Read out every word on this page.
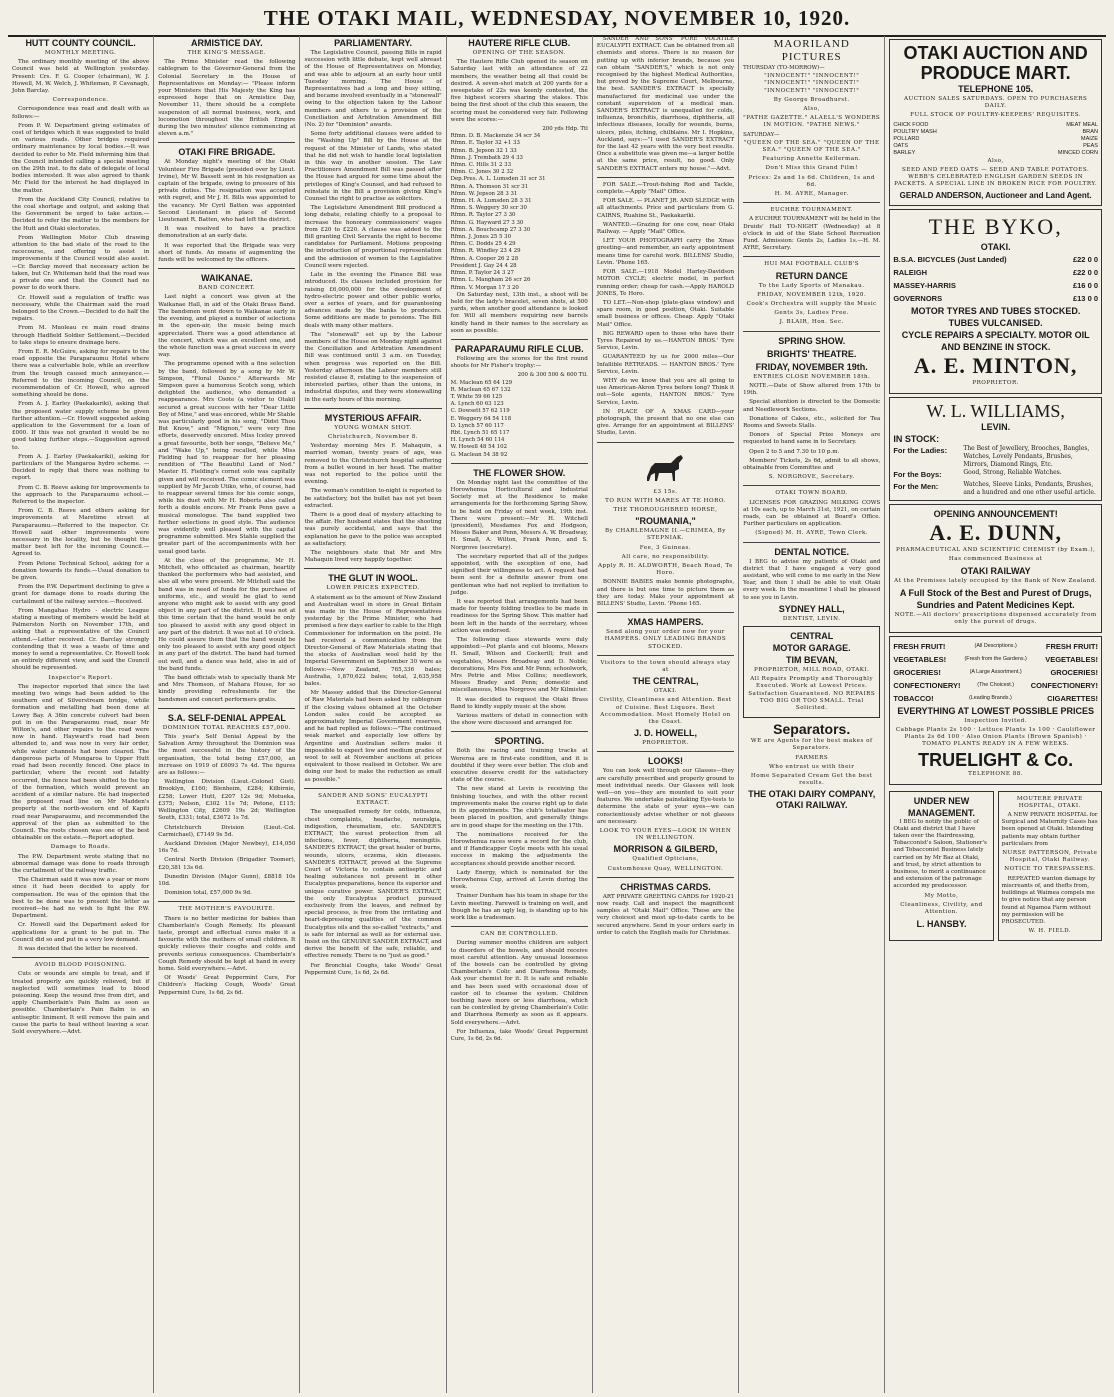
THE OTAKI MAIL, WEDNESDAY, NOVEMBER 10, 1920.
HUTT COUNTY COUNCIL.
MONTHLY MEETING.

The ordinary monthly meeting of the above Council was held at Wellington yesterday. Present: Crs. F. G. Cooper (chairman), W. J. Howell, M. W. Welch, J. Whiteman, P. Cavanagh, John Barclay.

Correspondence.

Correspondence was read and dealt with as follows:—

From P. W. Department giving estimates of cost of bridges which it was suggested to build on various roads. Other bridges required ordinary maintenance by local bodies.—It was decided to refer to Mr. Field informing him that the Council intended calling a special meeting on the 29th inst. to fix date of delegate of local bodies interested. It was also agreed to thank Mr. Field for the interest he had displayed in the matter.

From the Auckland City Council, relative to the coal shortage and output, and asking that the Government be urged to take action.—Decided to refer the matter to the members for the Hutt and Otaki electorates.

From Wellington Motor Club drawing attention to the bad state of the road to the racecourse, and offering to assist in improvements if the Council would also assist.—Cr. Barclay moved that necessary action be taken, but Cr. Whiteman held that the road was a private one and that the Council had no power to do work there.

Cr. Howell said a regulation of traffic was necessary, while the Chairman said the road belonged to the Crown.—Decided to do half the repairs.

From M. Muoleau re main road drains through Hadfield Soldier Settlement.—Decided to take steps to ensure drainage here.

From E. R. McGuire, asking for repairs to the road opposite the Paraparaumu Hotel where there was a culvertable hole, while an overflow from the trough caused much annoyance.—Referred to the incoming Council, on the recommendation of Cr. Howell, who agreed something should be done.

From A. J. Earley (Paekakariki), asking that the proposed water supply scheme be given further attention.—Cr. Howell suggested asking application to the Government for a loan of £000. If this was not granted it would be no good taking further steps.—Suggestion agreed to.

From A. J. Earley (Paekakariki), asking for particulars of the Mangaroa hydro scheme. — Decided to reply that there was nothing to report.

From C. B. Reeve asking for improvements to the approach to the Paraparaumu school.—Referred to the inspector.

From C. B. Reeve and others asking for improvements at Maretime street at Paraparaumu.—Referred to the inspector. Cr. Howell said other improvements were necessary in the locality, but he thought the matter best left for the incoming Council.—Agreed to.

From Petone Technical School, asking for a donation towards its funds.—Usual donation to be given.

From the P.W. Department declining to give a grant for damage done to roads during the curtailment of the railway service.—Received.

From Mangahao Hydro - electric League stating a meeting of members would be held at Palmerston North on November 17th, and asking that a representative of the Council attend.—Letter received. Cr. Barclay strongly contending that it was a waste of time and money to send a representative. Cr. Howell took an entirely different view, and said the Council should be represented.

Inspector's Report.

The inspector reported that since the last meeting two wings had been added to the southern end of Silverstream bridge, while formation and metalling had been done at Lowry Bay. A 36in concrete culvert had been put in on the Paraparaumu road, near Mr Wilton's, and other repairs to the road were now in hand. Hayward's road had been attended to, and was now in very fair order, while water channels had been cleared. The dangerous parts of Mungaroa to Upper Hutt road had been recently fenced. One place in particular, where the recent sod fatality occurred, the fence had been shifted to the top of the formation, which would prevent an accident of a similar nature. He had inspected the proposed road line on Mr Madden's property at the north-western end of Kapiti road near Paraparaumu, and recommended the approval of the plan as submitted to the Council. The roots chosen was one of the best obtainable on the estate.—Report adopted.

Damage to Roads.

The P.W. Department wrote stating that no abnormal damage was done to roads through the curtailment of the railway traffic.

The Chairman said it was now a year or more since it had been decided to apply for compensation. He was of the opinion that the best to be done was to present the letter as received—he had no wish to fight the P.W. Department.

Cr. Howell said the Department asked for applications for a grant to be put in. The Council did so and put in a very low demand.

It was decided that the letter be received.

AVOID BLOOD POISONING.

Cuts or wounds are simple to treat, and if treated properly are quickly relieved, but if neglected will sometimes lead to blood poisoning. Keep the wound free from dirt, and apply Chamberlain's Pain Balm as soon as possible. Chamberlain's Pain Balm is an antiseptic liniment. It will remove the pain and cause the parts to heal without leaving a scar. Sold everywhere.—Advt.

ARMISTICE DAY.
THE KING'S MESSAGE.

The Prime Minister read the following cablegram to the Governor-General from the Colonial Secretary in the House of Representatives on Monday:— "Please inform your Ministers that His Majesty the King has expressed hope that on Armistice Day, November 11, there should be a complete suspension of all normal business, work, and locomotion throughout the British Empire during the two minutes' silence commencing at eleven a.m."

OTAKI FIRE BRIGADE.

At Monday night's meeting of the Otaki Volunteer Fire Brigade (presided over by Lieut. Irvine), Mr W. Bassett sent in his resignation as captain of the brigade, owing to pressure of his private duties. The resignation was accepted with regret, and Mr J. H. Bills was appointed to the vacancy. Mr Cyril Batten was appointed Second Lieutenant in place of Second Lieutenant R. Batten, who had left the district.

It was resolved to have a practice demonstration at an early date.

It was reported that the Brigade was very short of funds. An means of augmenting the funds will be welcomed by the officers.

WAIKANAE.
BAND CONCERT.

Last night a concert was given at the Waikanae Hall, in aid of the Otaki Brass Band. The bandsmen went down to Waikanae early in the evening, and played a number of selections in the open-air, the music being much appreciated. There was a good attendance at the concert, which was an excellent one, and the whole function was a great success in every way.

The programme opened with a fine selection by the band, followed by a song by Mr W. Simpson, "Floral Dance." Afterwards Mr Simpson gave a humorous Scotch song, which delighted the audience, who demanded a reappearance. Mrs Coote (a visitor to Otaki) secured a great success with her "Dear Little Boy of Mine," and was encored, while Mr Stahle was particularly good in his song, "Didst Thou But Know," and "Mignon," were very fine efforts, deservedly encored. Miss Iceley proved a great favourite, both her songs, "Believe Me," and "Wake Up," being recalled, while Miss Fielding had to reappear for her pleasing rendition of "The Beautiful Land of Nod." Master H. Fielding's cornet solo was capitally given and will received. The comic element was supplied by Mr Jacob Utiko, who, of course, had to reappear several times for his comic songs, while his duet with Mr H. Roberts also called forth a double encore. Mr Frank Penn gave a musical monologue. The band supplied two further selections in good style. The audience was evidently well pleased with the capital programme submitted. Mrs Stahle supplied the greater part of the accompaniments with her usual good taste.

At the close of the programme, Mr H. Mitchell, who officiated as chairman, heartily thanked the performers who had assisted, and also all who were present. Mr Mitchell said the band was in need of funds for the purchase of uniforms, etc., and would be glad to send anyone who might ask to assist with any good object in any part of the district. It was not at this time certain that the band would be only too pleased to assist with any good object in any part of the district. It was not at 10 o'clock. He could assure them that the band would be only too pleased to assist with any good object in any part of the district. The band had turned out well, and a dance was held, also in aid of the band funds.

The band officials wish to specially thank Mr and Mrs Thomson, of Mahara House, for so kindly providing refreshments for the bandsmen and concert performers gratis.

S.A. SELF-DENIAL APPEAL
DOMINION TOTAL REACHES £57,000.

This year's Self Denial Appeal by the Salvation Army throughout the Dominion was the most successful in the history of the organisation, the total being £57,000, an increase on 1919 of £6093 7s 4d. The figures are as follows:—

Wellington Division (Lieut.-Colonel Gist). Brooklyn, £160; Blenheim, £284; Kilbirnie, £258; Lower Hutt, £207 12s 9d; Motueka, £375; Nelson, £302 11s 7d; Petone, £115; Wellington City, £2609 19s 2d; Wellington South, £331; total, £3672 1s 7d.

Christchurch Division (Lieut.-Col. Carmichael), £7149 9s 5d.

Auckland Division (Major Newbey), £14,050 16s 7d.

Central North Division (Brigadier Toomer), £20,381 13s 6d.

Dunedin Division (Major Gunn), £8818 10s 10d.

Dominion total, £57,000 9s 9d.

THE MOTHER'S FAVOURITE.

There is no better medicine for babies than Chamberlain's Cough Remedy. Its pleasant taste, prompt and effectual cures make it a favourite with the mothers of small children. It quickly relieves their coughs and colds and prevents serious consequences. Chamberlain's Cough Remedy should be kept at hand in every home. Sold everywhere.—Advt.

Of Woods' Great Peppermint Cure, For Children's Hacking Cough, Woods' Great Peppermint Cure, 1s 6d, 2s 6d.

PARLIAMENTARY.

The Legislative Council, passing Bills in rapid succession with little debate, kept well abreast of the House of Representatives on Monday, and was able to adjourn at an early hour until Tuesday morning. The House of Representatives had a long and busy sitting, and became involved eventually in a "stonewall" owing to the objection taken by the Labour members and others to a provision of the Conciliation and Arbitration Amendment Bill (No. 2) for "Dominion" awards.

Some forty additional clauses were added to the "Washing Up" Bill by the House at the request of the Minister of Lands, who stated that he did not wish to handle local legislation in this way in another session. The Law Practitioners Amendment Bill was passed after the House had argued for some time about the privileges of King's Counsel, and had refused to reinstate in the Bill a provision giving King's Counsel the right to practise as solicitors.

The Legislature Amendment Bill produced a long debate, relating chiefly to a proposal to increase the honorary commissioners' wages from £20 to £220. A clause was added to the Bill granting Civil Servants the right to become candidates for Parliament. Motions proposing the introduction of proportional representation and the admission of women to the Legislative Council were rejected.

Late in the evening the Finance Bill was introduced. Its clauses included provision for raising £6,000,000 for the development of hydro-electric power and other public works, over a series of years, and for guaranteeing advances made by the banks to producers. Some additions are made to pensions. The Bill deals with many other matters.

The "stonewall" set up by the Labour members of the House on Monday night against the Conciliation and Arbitration Amendment Bill was continued until 3 a.m. on Tuesday, when progress was reported on the Bill. Yesterday afternoon the Labour members still resisted clause 8, relating to the suspension of interested parties, other than the unions, in industrial disputes, and they were stonewalling in the early hours of this morning.

MYSTERIOUS AFFAIR.
YOUNG WOMAN SHOT.
Christchurch, November 8.

Yesterday morning Mrs F. Mahaquin, a married woman, twenty years of age, was removed to the Christchurch hospital suffering from a bullet wound in her head. The matter was not reported to the police until the evening.

The woman's condition to-night is reported to be satisfactory, but the bullet has not yet been extracted.

There is a good deal of mystery attaching to the affair. Her husband states that the shooting was purely accidental, and says that the explanation he gave to the police was accepted as satisfactory.

The neighbours state that Mr and Mrs Mahaquin lived very happily together.

THE GLUT IN WOOL.
LOWER PRICES EXPECTED.

A statement as to the amount of New Zealand and Australian wool in store in Great Britain was made in the House of Representatives yesterday by the Prime Minister, who had promised a few days earlier to cable to the High Commissioner for information on the point. He had received a communication from the Director-General of Raw Materials stating that the stocks of Australian wool held by the Imperial Government on September 30 were as follows:—New Zealand, 765,336 bales; Australia, 1,870,622 bales; total, 2,635,958 bales.

Mr Massey added that the Director-General of Raw Materials had been asked by cablegram if the closing values obtained at the October London sales could be accepted as approximately Imperial Government reserves, and he had replied as follows:—"The continued weak market and especially low offers by Argentine and Australian sellers make it impossible to expect low and medium grades of wool to sell at November auctions at prices equivalent to those realised in October. We are doing our best to make the reduction as small as possible."

SANDER AND SONS' EUCALYPTI EXTRACT.

The unequalled remedy for colds, influenza, chest complaints, headache, neuralgia, indigestion, rheumatism, etc. SANDER'S EXTRACT, the surest protection from all infections, fever, diphtheria, meningitis. SANDER'S EXTRACT, the great healer of burns, wounds, ulcers, eczema, skin diseases. SANDER'S EXTRACT, proved at the Supreme Court of Victoria to contain antiseptic and healing substances not present in other Eucalyptus preparations, hence its superior and unique curative power. SANDER'S EXTRACT, the only Eucalyptus product pursued exclusively from the leaves, and refined by special process, is free from the irritating and heart-depressing qualities of the common Eucalyptus oils and the so-called "extracts," and is safe for internal as well as for external use. Insist on the GENUINE SANDER EXTRACT, and derive the benefit of the safe, reliable, and effective remedy. There is no "just as good."

For Bronchial Coughs, take Woods' Great Peppermint Cure, 1s 6d, 2s 6d.

HAUTERE RIFLE CLUB.
OPENING OF THE SEASON.

The Hautere Rifle Club opened its season on Saturday last with an attendance of 22 members, the weather being all that could be desired. A seven-shot match at 200 yards for a sweepstake of 22s was keenly contested, the five highest scorers sharing the stakes. This being the first shoot of the club this season, the scoring must be considered very fair. Following were the scores:—

200 yds Hdp. Ttl
Rfmn. D. B. Mackenzie 34 scr 34
Rfmn. E. Taylor 32 +1 33
Rfmn. B. Jepson 32 1 33
Rfmn. J. Trembath 29 4 33
Rfmn. C. Hills 31 2 33
Rfmn. C. Jones 30 2 32
Dep.Pres. A. L. Lumsden 31 scr 31
Rfmn. A. Thomson 31 scr 31
Rfmn. W. Jepson 28 3 31
Rfmn. H. A. Lumsden 28 3 31
Rfmn. S. Weggery 30 scr 30
Rfmn. R. Taylor 27 3 30
Rfmn. G. Hayward 27 3 30
Rfmn. A. Bouchcamp 27 3 30
Rfmn. J. Jones 25 5 30
Rfmn. C. Dodds 25 4 29
Rfmn. R. Windley 23 4 29
Rfmn. A. Cooper 26 2 28
President J. Gay 24 4 28
Rfmn. P. Taylor 24 3 27
Rfmn. L. Mangham 26 scr 26
Rfmn. V. Morgan 17 3 20

On Saturday next, 13th inst., a shoot will be held for the lady's bracelet, seven shots, at 500 yards, when another good attendance is looked for. Will all members requiring new barrels kindly hand in their names to the secretary as soon as possible.

PARAPARAUMU RIFLE CLUB.

Following are the scores for the first round shoots for Mr Fisher's trophy:—

200 & 300 500 & 600 Ttl.
M. Maclean 65 64 129
R. Maclean 65 67 132
T. White 59 66 125
A. Lynch 60 63 123
C. Dowsett 57 62 119
E. Weggery 64 54 118
D. Lynch 57 60 117
Rbt. Lynch 51 65 117
H. Lynch 54 60 114
W. Howell 48 54 102
G. Maclean 54 38 92
THE FLOWER SHOW.

On Monday night last the committee of the Horowhenua Horticultural and Industrial Society met at the Residence to make arrangements for the forthcoming Spring Show, to be held on Friday of next week, 19th inst. There were present:—Mr H. Witchell (president), Mesdames Fox and Hodgson, Misses Baker and Penn, Messrs A. W. Broadway, H. Small, A. Wilton, Frank Penn, and S. Norgrove (secretary).

The secretary reported that all of the judges appointed, with the exception of one, had signified their willingness to act. A request had been sent for a definite answer from one gentleman who had not replied to invitation to judge.

It was reported that arrangements had been made for twenty folding trestles to be made in readiness for the Spring Show. This matter had been left in the hands of the secretary, whose action was endorsed.

The following class stewards were duly appointed:—Pot plants and cut blooms, Messrs H. Small, Wilson and Cockerill; fruit and vegetables, Messrs Broadway and D. Noble; decorations, Mrs Fox and Mr Penn; schoolwork, Mrs Petrie and Miss Collins; needlework, Misses Bradey and Penn; domestic and miscellaneous, Miss Norgrove and Mr Kilmister.

It was decided to request the Otaki Brass Band to kindly supply music at the show.

Various matters of detail in connection with the show were discussed and arranged for.

SPORTING.

Both the racing and training tracks at Wereroa are in first-rate condition, and it is doubtful if they were ever better. The club and executive deserve credit for the satisfactory state of the course.

The new stand at Levin is receiving the finishing touches, and with the other recent improvements make the course right up to date in its appointments. The club's totalisator has been placed in position, and generally things are in good shape for the meeting on the 17th.

The nominations received for the Horowhenua races were a record for the club, and if Handicapper Coyle meets with his usual success in making the adjustments the acceptances should provide another record.

Lady Energy, which is nominated for the Horowhenua Cup, arrived at Levin during the week.

Trainer Dunham has his team in shape for the Levin meeting. Farewell is training on well, and though he has an ugly leg, is standing up to his work like a tradesman.

CAN BE CONTROLLED.

During summer months children are subject to disorders of the bowels, and should receive most careful attention. Any unusual looseness of the bowels can be controlled by giving Chamberlain's Colic and Diarrhoea Remedy. Ask your chemist for it. It is safe and reliable and has been used with occasional dose of castor oil to cleanse the system. Children teething have more or less diarrhoea, which can be controlled by giving Chamberlain's Colic and Diarrhoea Remedy as soon as it appears. Sold everywhere.—Advt.

For Influenza, take Woods' Great Peppermint Cure, 1s 6d, 2s 6d.

SANDER AND SONS' PURE VOLATILE EUCALYPTI EXTRACT. Can be obtained from all chemists and stores. There is no reason for putting up with inferior brands, because you can obtain "SANDER'S," which is not only recognised by the highest Medical Authorities, but proved by the Supreme Court, Melbourne, the best. SANDER'S EXTRACT is specially manufactured for medicinal use under the constant supervision of a medical man. SANDER'S EXTRACT is unequalled for colds, influenza, bronchitis, diarrhoea, diphtheria, all infectious diseases, locally for wounds, burns, ulcers, piles, itching, chilblains. Mr I. Hopkins, Auckland, says:—"I used SANDER'S EXTRACT for the last 42 years with the very best results. Once a substitute was given me—a larger bottle at the same price, result, no good. Only SANDER'S EXTRACT enters my house."—Advt.

FOR SALE.—Trout-fishing Rod and Tackle, complete.—Apply "Mail" Office.

FOR SALE. — PLANET JR. AND SLEDGE with all attachments. Price and particulars from G. CAIRNS, Ruahine St., Paekakariki.

WANTED.—Grazing for one cow, near Otaki Railway. — Apply "Mail" Office.

LET YOUR PHOTOGRAPH carry the Xmas greeting—and remember, an early appointment means time for careful work. BILLENS' Studio, Levin. 'Phone 165.

FOR SALE.—1918 Model Harley-Davidson MOTOR CYCLE; electric model, in perfect running order; cheap for cash.—Apply HAROLD JONES, Te Horo.

TO LET.—Non-shop (plate-glass window) and spare room, in good position, Otaki. Suitable small business or offices. Cheap. Apply "Otaki Mail" Office.

BIG REWARD open to those who have their Tyres Repaired by us.—HANTON BROS.' Tyre Service, Levin.

GUARANTEED by us for 2000 miles—Our Infallible RETREADS. — HANTON BROS.' Tyre Service, Levin.

WHY do we know that you are all going to use American-Akron Tyres before long? Think it out—Sole agents, HANTON BROS.' Tyre Service, Levin.

IN PLACE OF A XMAS CARD—your photograph, the present that no one else can give. Arrange for an appointment at BILLENS' Studio, Levin.

£3 15s.
TO RUN WITH MARES AT TE HORO.
THE THOROUGHBRED HORSE,
"ROUMANIA,"
By CHARLEMAGNE II.—CRIMEA, By STEPNIAK.
Fee, 3 Guineas.
All care, no responsibility.
Apply R. H. ALDWORTH, Beach Road, Te Horo.

BONNIE BABIES make bonnie photographs, and there is but one time to picture them as they are today. Make your appointment at BILLENS' Studio, Levin. 'Phone 165.

XMAS HAMPERS.
Send along your order now for your HAMPERS. ONLY LEADING BRANDS STOCKED.
Visitors to the town should always stay at
THE CENTRAL,
OTAKI.
Civility, Cleanliness and Attention. Best of Cuisine. Best Liquors. Best Accommodation. Most Homely Hotel on the Coast.
J. D. HOWELL,
PROPRIETOR.
LOOKS!

You can look well through our Glasses—they are carefully prescribed and properly ground to meet individual needs. Our Glasses will look well—on you—they are mounted to suit your features. We undertake painstaking Eye-tests to determine the state of your eyes—we can conscientiously advise whether or not glasses are necessary.

LOOK TO YOUR EYES—LOOK IN WHEN IN WELLINGTON.
MORRISON & GILBERD,
Qualified Opticians,
Customhouse Quay, WELLINGTON.
CHRISTMAS CARDS.

ART PRIVATE GREETING CARDS for 1920-21 now ready. Call and inspect the magnificent samples at "Otaki Mail" Office. These are the very choicest and most up-to-date cards to be secured anywhere. Send in your orders early in order to catch the English mails for Christmas.

MAORILAND PICTURES
THURSDAY (TO-MORROW)—
"INNOCENT!" "INNOCENT!" "INNOCENT!" "INNOCENT!" "INNOCENT!" "INNOCENT!"
By George Broadhurst.
Also,
"PATHE GAZETTE." ALAELL'S WONDERS IN MOTION. "PATHE NEWS."
SATURDAY—
"QUEEN OF THE SEA." "QUEEN OF THE SEA." "QUEEN OF THE SEA."
Featuring Annette Kellerman.
Don't Miss this Grand Film!
Prices: 2s and 1s 6d. Children, 1s and 6d.
H. M. AYRE, Manager.
EUCHRE TOURNAMENT.

A EUCHRE TOURNAMENT will be held in the Druids' Hall TO-NIGHT (Wednesday) at 8 o'clock in aid of the State School Recreation Fund. Admission: Gents 2s, Ladies 1s.—H. M. AYRE, Secretary.

HUI MAI FOOTBALL CLUB'S
RETURN DANCE
To the Lady Sports of Manakau.
FRIDAY, NOVEMBER 12th, 1920.
Cook's Orchestra will supply the Music
Gents 3s, Ladies Free.
J. BLAIR, Hon. Sec.
SPRING SHOW.
BRIGHTS' THEATRE.
FRIDAY, NOVEMBER 19th.
ENTRIES CLOSE NOVEMBER 18th.

NOTE.—Date of Show altered from 17th to 19th.

Special attention is directed to the Domestic and Needlework Sections.

Donations of Cakes, etc., solicited for Tea Rooms and Sweets Stalls.

Donors of Special Prize Moneys are requested to hand same in to Secretary.

Open 2 to 5 and 7.30 to 10 p.m.

Members' Tickets, 2s 6d, admit to all shows, obtainable from Committee and

S. NORGROVE, Secretary.
OTAKI TOWN BOARD.

LICENSES FOR GRAZING MILKING COWS at 10s each, up to March 31st, 1921, on certain roads, can be obtained at Board's Office. Further particulars on application.

(Signed) M. H. AYRE, Town Clerk.
DENTAL NOTICE.

I BEG to advise my patients of Otaki and district that I have engaged a very good assistant, who will come to me early in the New Year, and then I shall be able to visit Otaki every week. In the meantime I shall be pleased to see you in Levin.

SYDNEY HALL,
DENTIST, LEVIN.
CENTRAL
MOTOR GARAGE.
TIM BEVAN,
PROPRIETOR, MILL ROAD, OTAKI.
All Repairs Promptly and Thoroughly Executed. Work at Lowest Prices. Satisfaction Guaranteed. NO REPAIRS TOO BIG OR TOO SMALL. Trial Solicited.
Separators.
WE are Agents for the best makes of Separators.
FARMERS
Who entrust us with their
Home Separated Cream Get the best results.
THE OTAKI DAIRY COMPANY, OTAKI RAILWAY.
OTAKI AUCTION AND PRODUCE MART.
TELEPHONE 105.
AUCTION SALES SATURDAYS. OPEN TO PURCHASERS DAILY.
FULL STOCK OF POULTRY-KEEPERS' REQUISITES.
CHICK FOOD	MEAT MEAL
POULTRY MASH	BRAN
POLLARD	MAIZE
OATS	PEAS
BARLEY	MINCED CORN
Also,
SEED AND FEED OATS — SEED AND TABLE POTATOES. WEBB'S CELEBRATED ENGLISH GARDEN SEEDS IN PACKETS. A SPECIAL LINE IN BROKEN RICE FOR POULTRY.
GERALD ANDERSON, Auctioneer and Land Agent.
THE BYKO,
OTAKI.
B.S.A. BICYCLES (Just Landed)	£22 0 0
RALEIGH	£22 0 0
MASSEY-HARRIS	£16 0 0
GOVERNORS	£13 0 0
MOTOR TYRES AND TUBES STOCKED.
TUBES VULCANISED.
CYCLE REPAIRS A SPECIALTY. MOTOR OIL AND BENZINE IN STOCK.
A. E. MINTON,
PROPRIETOR.
W. L. WILLIAMS,
LEVIN.
IN STOCK:
For the Ladies:	The Best of Jewellery, Brooches, Bangles, Watches, Lovely Pendants, Brushes, Mirrors, Diamond Rings, Etc.
For the Boys:	Good, Strong, Reliable Watches.
For the Men:	Watches, Sleeve Links, Pendants, Brushes, and a hundred and one other useful article.
OPENING ANNOUNCEMENT!
A. E. DUNN,
PHARMACEUTICAL AND SCIENTIFIC CHEMIST (by Exam.),
Has commenced Business at
OTAKI RAILWAY
At the Premises lately occupied by the Bank of New Zealand.
A Full Stock of the Best and Purest of Drugs, Sundries and Patent Medicines Kept.
NOTE.—All doctors' prescriptions dispensed accurately from only the purest of drugs.
FRESH FRUIT!	(All Descriptions.)	FRESH FRUIT!
VEGETABLES!	(Fresh from the Gardens.) VEGETABLES!
GROCERIES!	(A Large Assortment.)	GROCERIES!
CONFECTIONERY!	(The Choicest.) CONFECTIONERY!
TOBACCO!	(Leading Brands.)	CIGARETTES!
EVERYTHING AT LOWEST POSSIBLE PRICES
Inspection Invited.
Cabbage Plants 2s 100 · Lettuce Plants 1s 100 · Cauliflower Plants 2s 6d 100 · Also Onion Plants (Brown Spanish) · TOMATO PLANTS READY IN A FEW WEEKS.
TRUELIGHT & Co.
TELEPHONE 88.
UNDER NEW MANAGEMENT.

I BEG to notify the public of Otaki and district that I have taken over the Hairdressing, Tobacconist's Saloon, Stationer's and Tobacconist Business lately carried on by Mr Baz at Otaki, and trust, by strict attention to business, to merit a continuance and extension of the patronage accorded my predecessor.

My Motto,
Cleanliness, Civility, and Attention.
L. HANSBY.
MOUTERE PRIVATE HOSPITAL, OTAKI.

A NEW PRIVATE HOSPITAL for Surgical and Maternity Cases has been opened at Otaki. Intending patients may obtain further particulars from

NURSE PATTERSON, Private Hospital, Otaki Railway.
NOTICE TO TRESPASSERS.

REPEATED wanton damage by miscreants of, and thefts from, buildings at Waimea compels me to give notice that any person found at Ngamoa Farm without my permission will be PROSECUTED.

W. H. FIELD.
